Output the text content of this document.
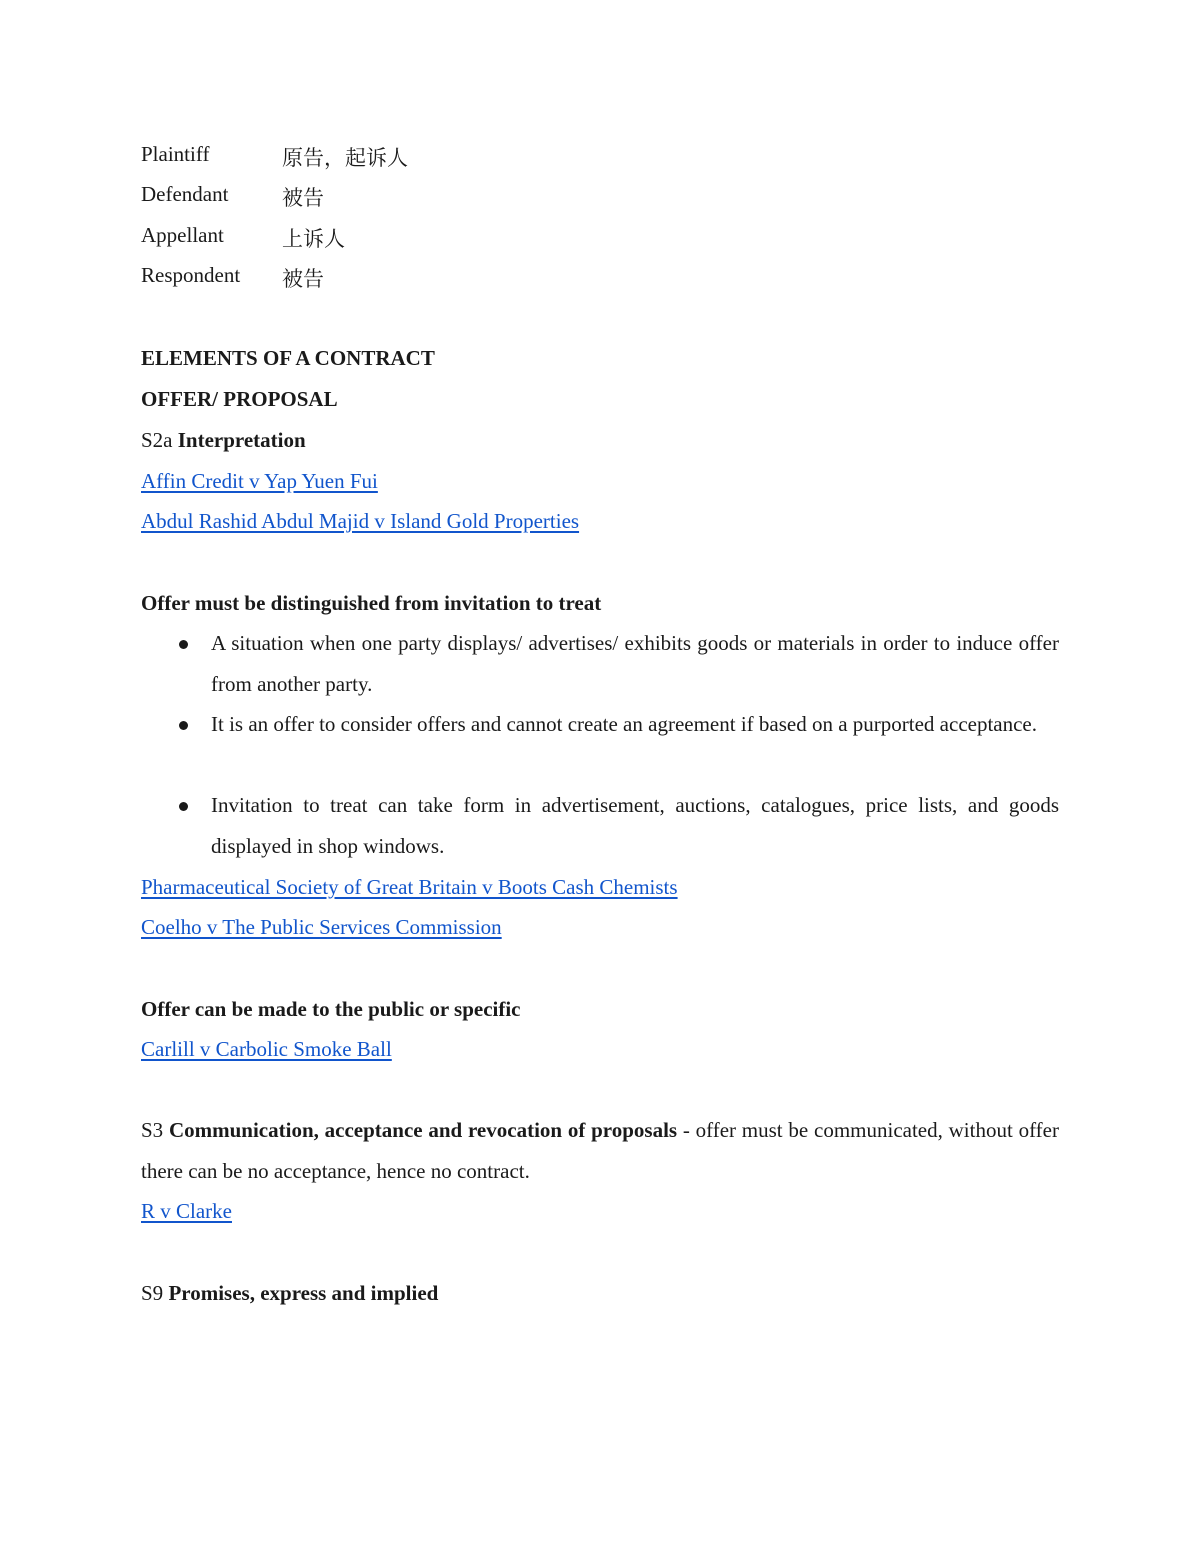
Plaintiff	原告，起诉人
Defendant	被告
Appellant	上诉人
Respondent 被告
ELEMENTS OF A CONTRACT
OFFER/ PROPOSAL
S2a Interpretation
Affin Credit v Yap Yuen Fui
Abdul Rashid Abdul Majid v Island Gold Properties
Offer must be distinguished from invitation to treat
A situation when one party displays/ advertises/ exhibits goods or materials in order to induce offer from another party.
It is an offer to consider offers and cannot create an agreement if based on a purported acceptance.
Invitation to treat can take form in advertisement, auctions, catalogues, price lists, and goods displayed in shop windows.
Pharmaceutical Society of Great Britain v Boots Cash Chemists
Coelho v The Public Services Commission
Offer can be made to the public or specific
Carlill v Carbolic Smoke Ball
S3 Communication, acceptance and revocation of proposals - offer must be communicated, without offer there can be no acceptance, hence no contract.
R v Clarke
S9 Promises, express and implied
